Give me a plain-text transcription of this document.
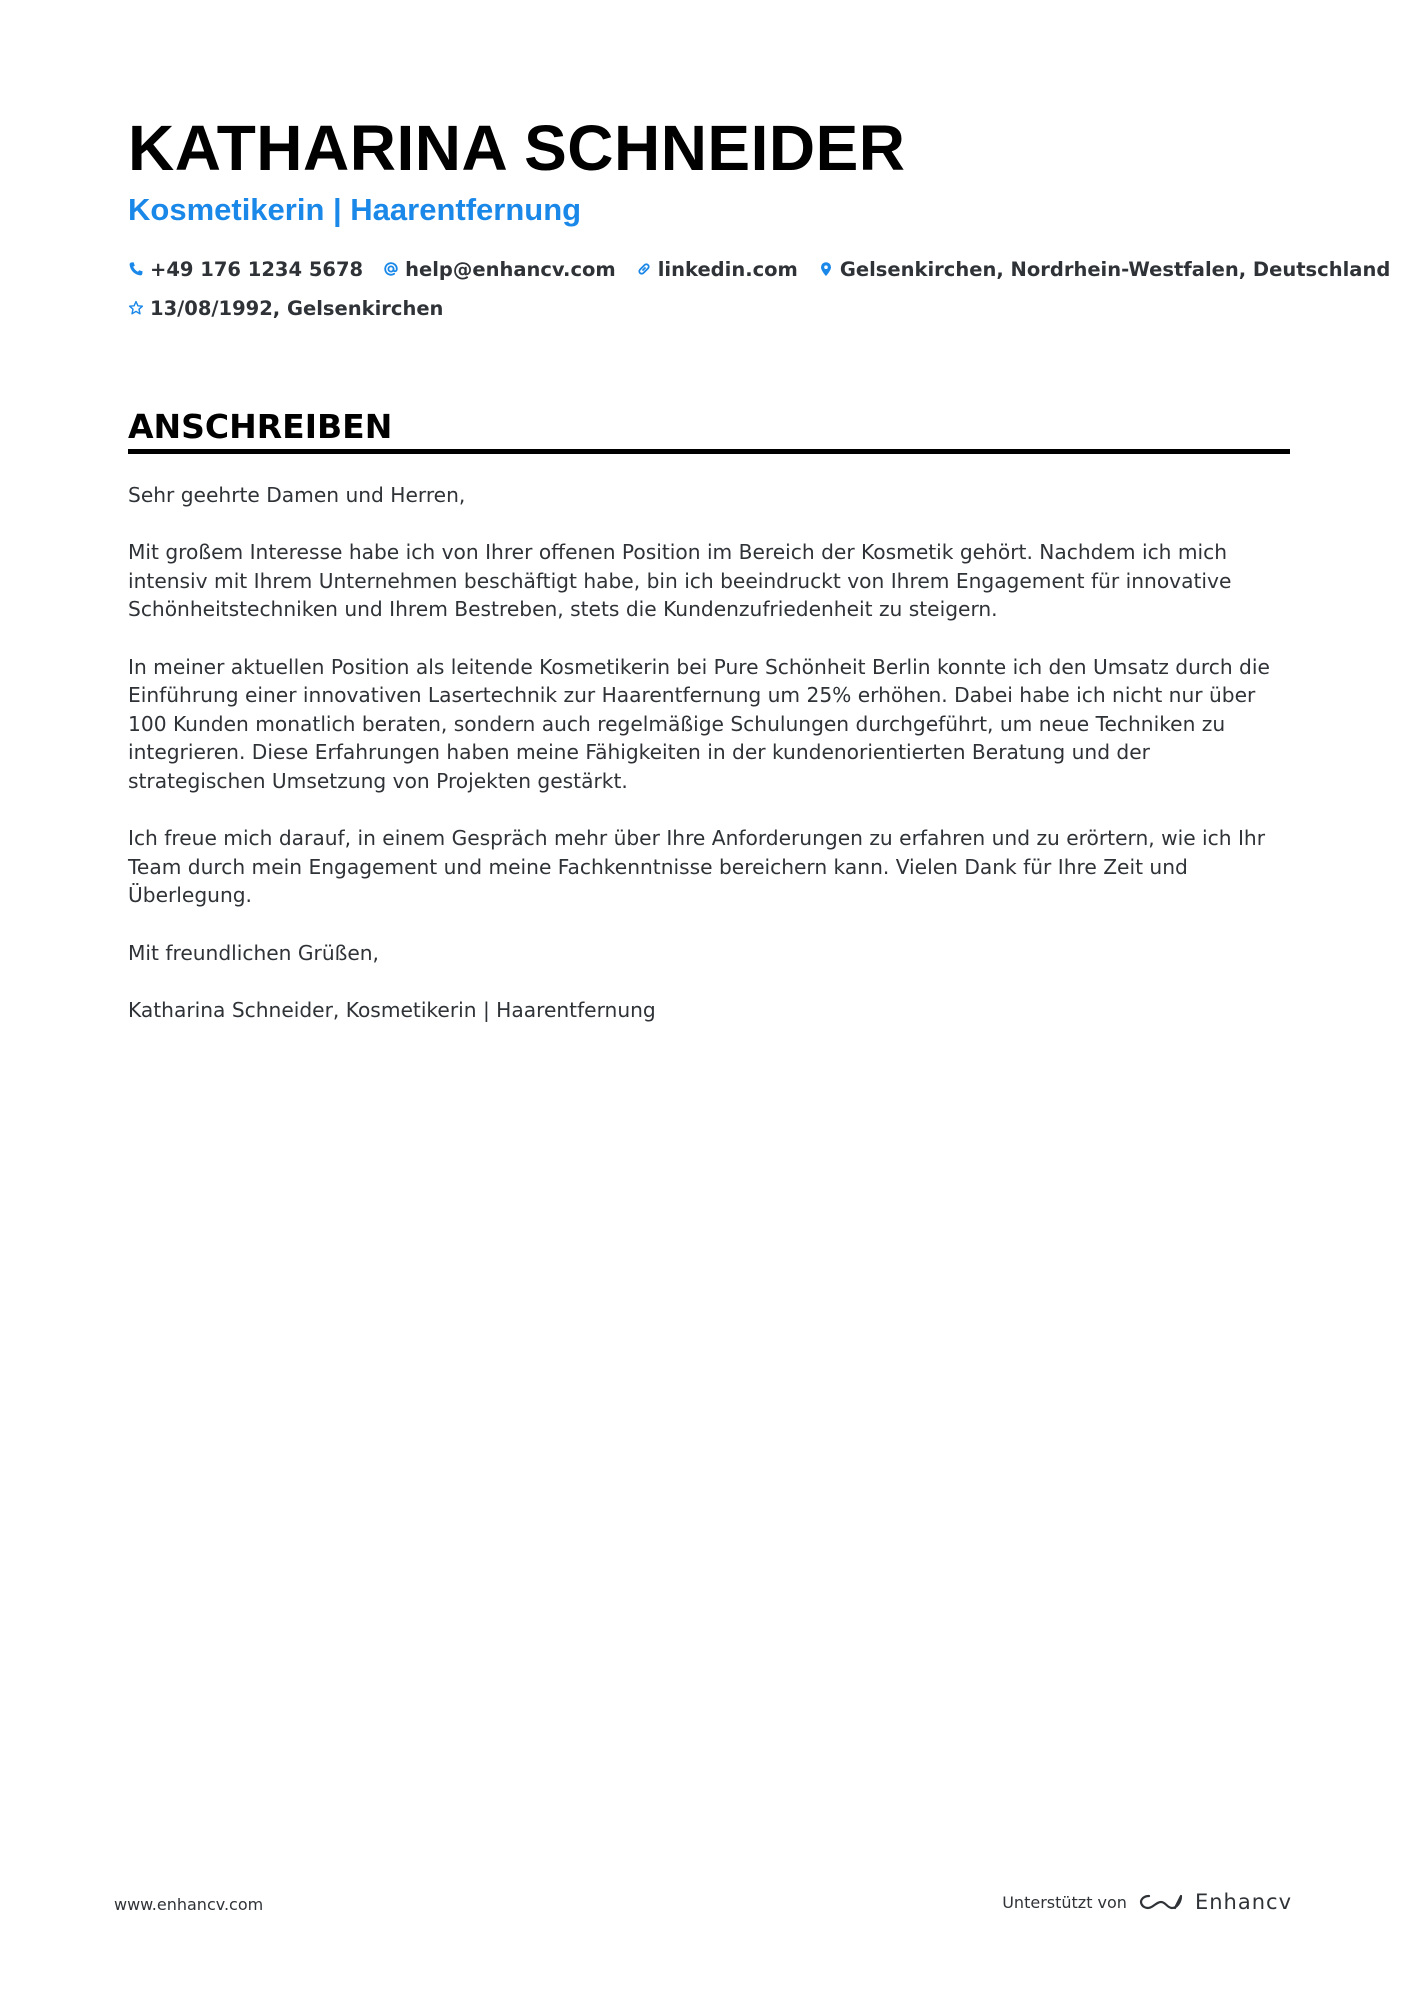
KATHARINA SCHNEIDER
Kosmetikerin | Haarentfernung
+49 176 1234 5678 help@enhancv.com linkedin.com Gelsenkirchen, Nordrhein-Westfalen, Deutschland
13/08/1992, Gelsenkirchen
ANSCHREIBEN

Sehr geehrte Damen und Herren,

Mit großem Interesse habe ich von Ihrer offenen Position im Bereich der Kosmetik gehört. Nachdem ich mich intensiv mit Ihrem Unternehmen beschäftigt habe, bin ich beeindruckt von Ihrem Engagement für innovative Schönheitstechniken und Ihrem Bestreben, stets die Kundenzufriedenheit zu steigern.

In meiner aktuellen Position als leitende Kosmetikerin bei Pure Schönheit Berlin konnte ich den Umsatz durch die Einführung einer innovativen Lasertechnik zur Haarentfernung um 25% erhöhen. Dabei habe ich nicht nur über 100 Kunden monatlich beraten, sondern auch regelmäßige Schulungen durchgeführt, um neue Techniken zu integrieren. Diese Erfahrungen haben meine Fähigkeiten in der kundenorientierten Beratung und der strategischen Umsetzung von Projekten gestärkt.

Ich freue mich darauf, in einem Gespräch mehr über Ihre Anforderungen zu erfahren und zu erörtern, wie ich Ihr Team durch mein Engagement und meine Fachkenntnisse bereichern kann. Vielen Dank für Ihre Zeit und Überlegung.

Mit freundlichen Grüßen,

Katharina Schneider, Kosmetikerin | Haarentfernung

www.enhancv.com	Unterstützt von	Enhancv
